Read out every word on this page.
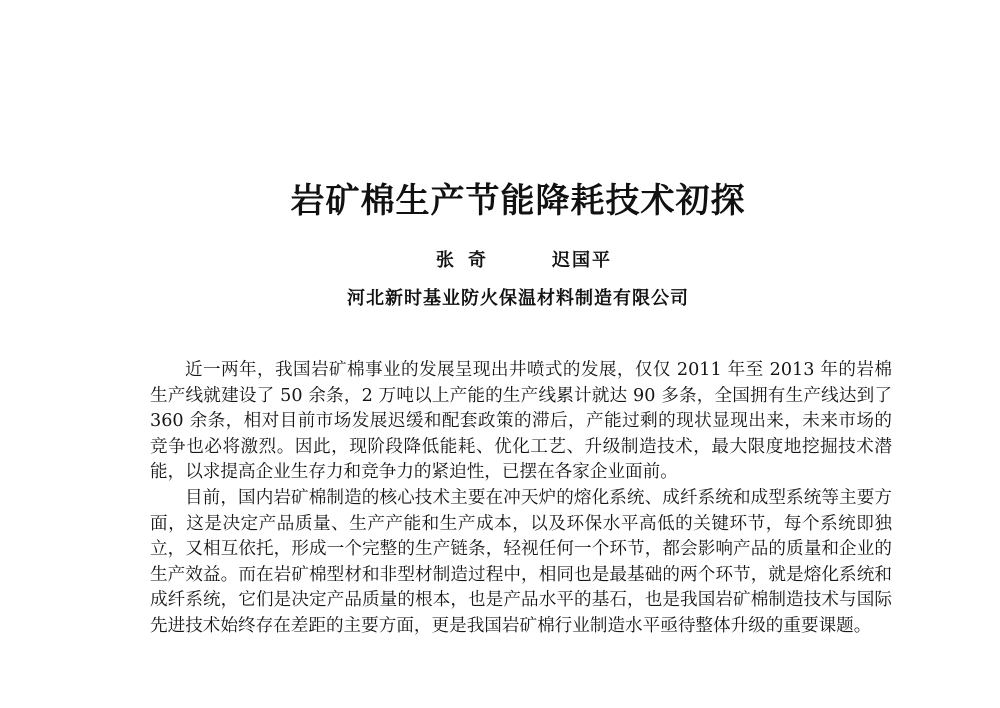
岩矿棉生产节能降耗技术初探
张奇	迟国平
河北新时基业防火保温材料制造有限公司

近一两年，我国岩矿棉事业的发展呈现出井喷式的发展，仅仅 2011 年至 2013 年的岩棉生产线就建设了 50 余条，2 万吨以上产能的生产线累计就达 90 多条，全国拥有生产线达到了 360 余条，相对目前市场发展迟缓和配套政策的滞后，产能过剩的现状显现出来，未来市场的竞争也必将激烈。因此，现阶段降低能耗、优化工艺、升级制造技术，最大限度地挖掘技术潜能，以求提高企业生存力和竞争力的紧迫性，已摆在各家企业面前。

目前，国内岩矿棉制造的核心技术主要在冲天炉的熔化系统、成纤系统和成型系统等主要方面，这是决定产品质量、生产产能和生产成本，以及环保水平高低的关键环节，每个系统即独立，又相互依托，形成一个完整的生产链条，轻视任何一个环节，都会影响产品的质量和企业的生产效益。而在岩矿棉型材和非型材制造过程中，相同也是最基础的两个环节，就是熔化系统和成纤系统，它们是决定产品质量的根本，也是产品水平的基石，也是我国岩矿棉制造技术与国际先进技术始终存在差距的主要方面，更是我国岩矿棉行业制造水平亟待整体升级的重要课题。
